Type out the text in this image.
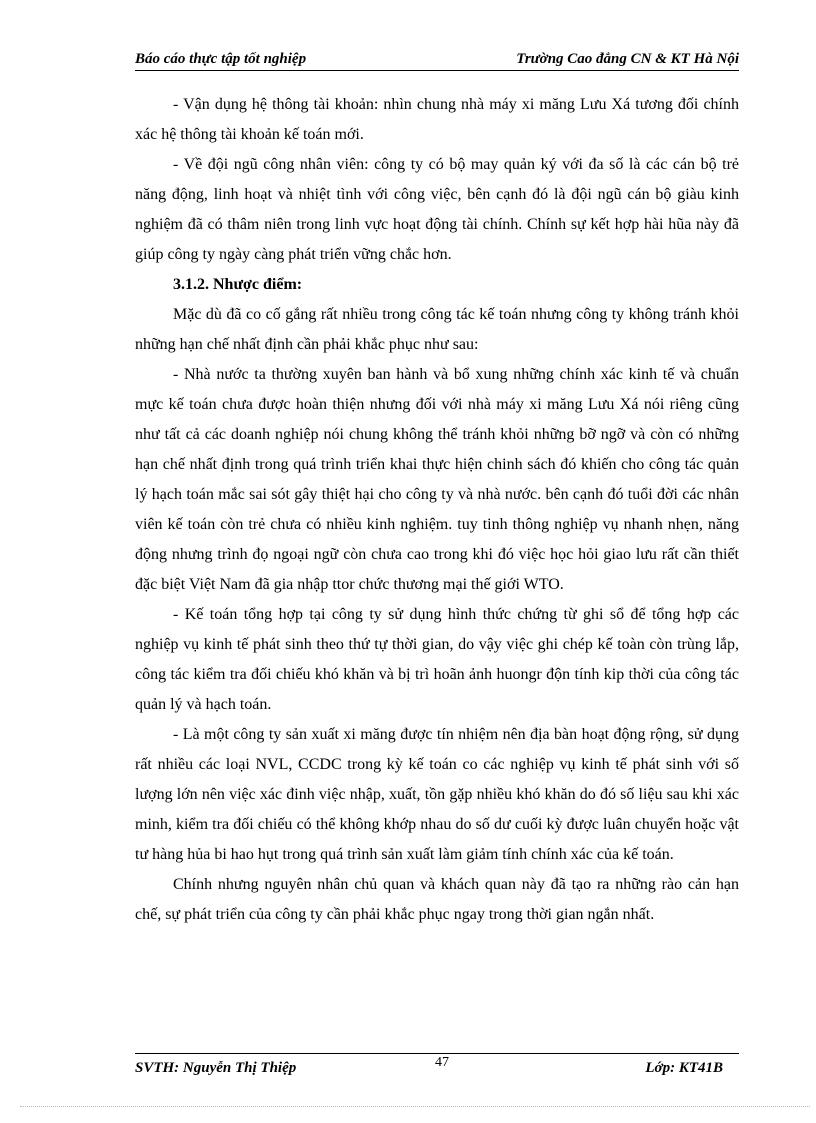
Báo cáo thực tập tốt nghiệp	Trường Cao đẳng CN & KT Hà Nội

- Vận dụng hệ thông tài khoản: nhìn chung nhà máy xi măng Lưu Xá tương đối chính xác hệ thông tài khoản kế toán mới.

- Về đội ngũ công nhân viên: công ty có bộ may quản ký với đa số là các cán bộ trẻ năng động, linh hoạt và nhiệt tình với công việc, bên cạnh đó là đội ngũ cán bộ giàu kinh nghiệm đã có thâm niên trong linh vực hoạt động tài chính. Chính sự kết hợp hài hũa này đã giúp công ty ngày càng phát triển vững chắc hơn.

3.1.2. Nhược điểm:

Mặc dù đã co cố gắng rất nhiều trong công tác kế toán nhưng công ty không tránh khỏi những hạn chế nhất định cần phải khắc phục như sau:

- Nhà nước ta thường xuyên ban hành và bổ xung những chính xác kinh tế và chuẩn mực kế toán chưa được hoàn thiện nhưng đối với nhà máy xi măng Lưu Xá nói riêng cũng như tất cả các doanh nghiệp nói chung không thể tránh khỏi những bỡ ngỡ và còn có những hạn chế nhất định trong quá trình triển khai thực hiện chinh sách đó khiến cho công tác quản lý hạch toán mắc sai sót gây thiệt hại cho công ty và nhà nước. bên cạnh đó tuổi đời các nhân viên kế toán còn trẻ chưa có nhiều kinh nghiệm. tuy tinh thông nghiệp vụ nhanh nhẹn, năng động nhưng trình đọ ngoại ngữ còn chưa cao trong khi đó việc học hỏi giao lưu rất cần thiết đặc biệt Việt Nam đã gia nhập ttor chức thương mại thế giới WTO.

- Kế toán tổng hợp tại công ty sử dụng hình thức chứng từ ghi sổ để tổng hợp các nghiệp vụ kinh tế phát sinh theo thứ tự thời gian, do vậy việc ghi chép kế toàn còn trùng lắp, công tác kiểm tra đối chiếu khó khăn và bị trì hoãn ảnh huongr độn tính kip thời của công tác quản lý và hạch toán.

- Là một công ty sản xuất xi măng được tín nhiệm nên địa bàn hoạt động rộng, sử dụng rất nhiều các loại NVL, CCDC trong kỳ kế toán co các nghiệp vụ kinh tế phát sinh với số lượng lớn nên việc xác đinh việc nhập, xuất, tồn gặp nhiều khó khăn do đó số liệu sau khi xác minh, kiểm tra đối chiếu có thể không khớp nhau do số dư cuối kỳ được luân chuyển hoặc vật tư hàng hủa bi hao hụt trong quá trình sản xuất làm giảm tính chính xác của kế toán.

Chính nhưng nguyên nhân chủ quan và khách quan này đã tạo ra những rào cản hạn chế, sự phát triển của công ty cần phải khắc phục ngay trong thời gian ngắn nhất.

SVTH: Nguyễn Thị Thiệp	47	Lớp: KT41B
